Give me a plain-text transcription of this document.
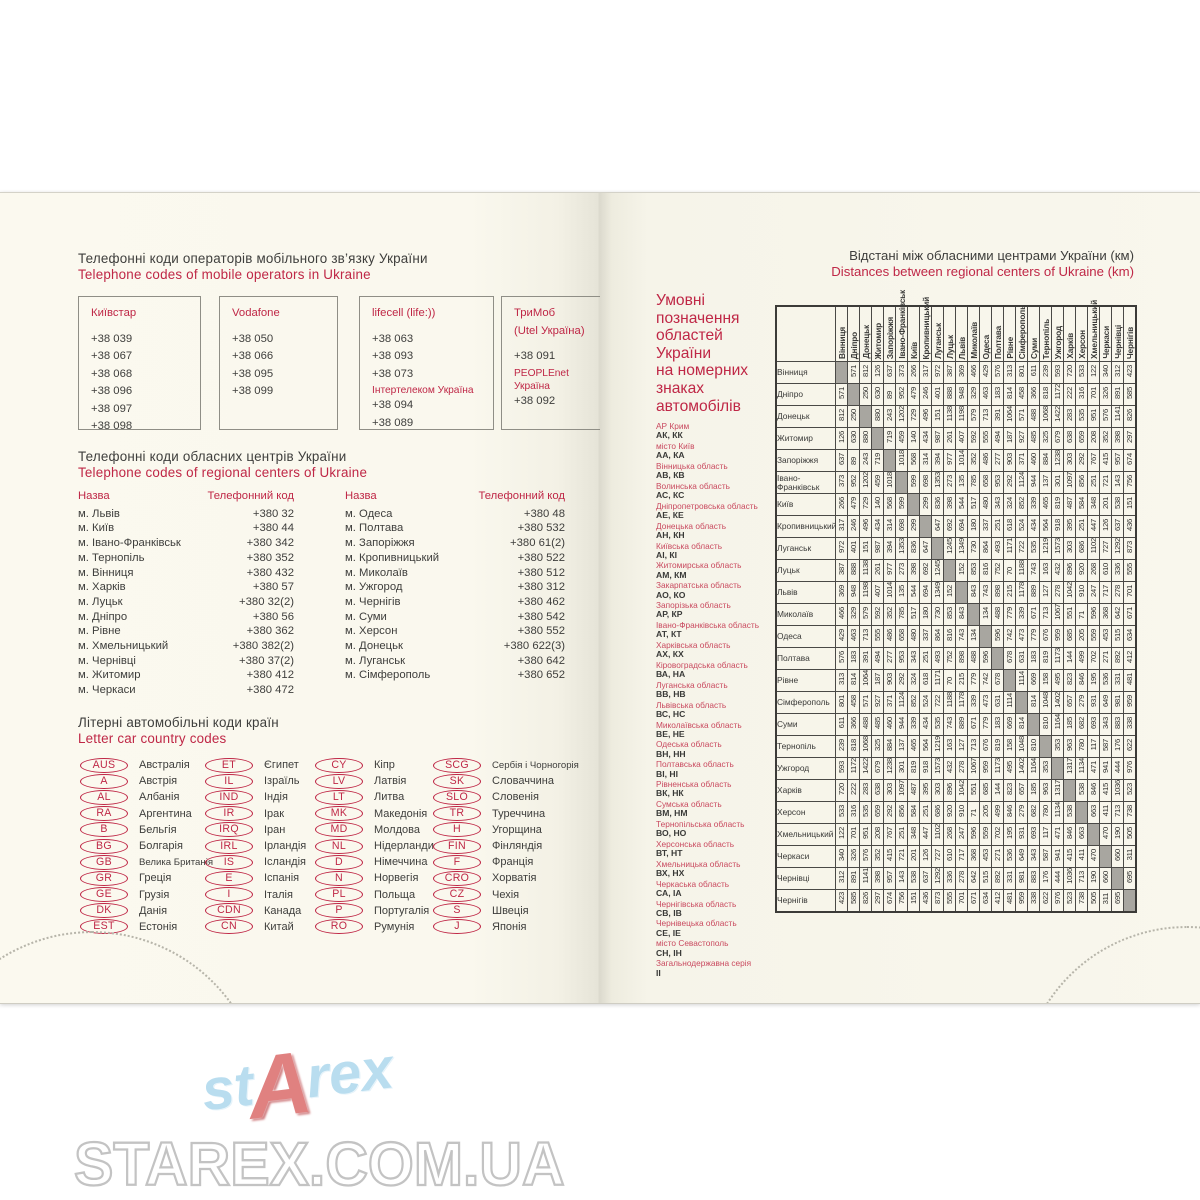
Телефонні коди операторів мобільного зв’язку України
Telephone codes of mobile operators in Ukraine
Київстар
+38 039
+38 067
+38 068
+38 096
+38 097
+38 098
Vodafone
+38 050
+38 066
+38 095
+38 099
lifecell (life:))
+38 063
+38 093
+38 073
Інтертелеком Україна
+38 094
+38 089
ТриМоб
(Utel Україна)
+38 091
PEOPLEnet Україна
+38 092
Телефонні коди обласних центрів України
Telephone codes of regional centers of Ukraine
Назва	Телефонний код
м. Львів	+380 32
м. Київ	+380 44
м. Івано-Франківськ	+380 342
м. Тернопіль	+380 352
м. Вінниця	+380 432
м. Харків	+380 57
м. Луцьк	+380 32(2)
м. Дніпро	+380 56
м. Рівне	+380 362
м. Хмельницький	+380 382(2)
м. Чернівці	+380 37(2)
м. Житомир	+380 412
м. Черкаси	+380 472
Назва	Телефонний код
м. Одеса	+380 48
м. Полтава	+380 532
м. Запоріжжя	+380 61(2)
м. Кропивницький	+380 522
м. Миколаїв	+380 512
м. Ужгород	+380 312
м. Чернігів	+380 462
м. Суми	+380 542
м. Херсон	+380 552
м. Донецьк	+380 622(3)
м. Луганськ	+380 642
м. Сімферополь	+380 652
Літерні автомобільні коди країн
Letter car country codes
AUS	Австралія
A	Австрія
AL	Албанія
RA	Аргентина
B	Бельгія
BG	Болгарія
GB	Велика Британія
GR	Греція
GE	Грузія
DK	Данія
EST	Естонія
ET	Єгипет
IL	Ізраїль
IND	Індія
IR	Ірак
IRQ	Іран
IRL	Ірландія
IS	Ісландія
E	Іспанія
I	Італія
CDN	Канада
CN	Китай
CY	Кіпр
LV	Латвія
LT	Литва
MK	Македонія
MD	Молдова
NL	Нідерланди
D	Німеччина
N	Норвегія
PL	Польща
P	Португалія
RO	Румунія
SCG	Сербія і Чорногорія
SK	Словаччина
SLO	Словенія
TR	Туреччина
H	Угорщина
FIN	Фінляндія
F	Франція
CRO	Хорватія
CZ	Чехія
S	Швеція
J	Японія
Відстані між обласними центрами України (км)
Distances between regional centers of Ukraine (km)
Умовні
позначення
областей
України
на номерних
знаках
автомобілів
АР Крим
АК, КК
місто Київ
АА, КА
Вінницька область
АВ, КВ
Волинська область
АС, КС
Дніпропетровська область
АЕ, КЕ
Донецька область
АН, КН
Київська область
АІ, КІ
Житомирська область
АМ, КМ
Закарпатська область
АО, КО
Запорізька область
АР, КР
Івано-Франківська область
АТ, КТ
Харківська область
АХ, КХ
Кіровоградська область
ВА, НА
Луганська область
ВВ, НВ
Львівська область
ВС, НС
Миколаївська область
ВЕ, НЕ
Одеська область
ВН, НН
Полтавська область
ВІ, НІ
Рівненська область
ВК, НК
Сумська область
ВМ, НМ
Тернопільська область
ВО, НО
Херсонська область
ВТ, НТ
Хмельницька область
ВХ, НХ
Черкаська область
СА, ІА
Чернігівська область
СВ, ІВ
Чернівецька область
СЕ, ІЕ
місто Севастополь
СН, ІН
Загальнодержавна серія
ІІ

	Вінниця	Дніпро	Донецьк	Житомир	Запоріжжя	Івано-Франківськ	Київ	Кропивницький	Луганськ	Луцьк	Львів	Миколаїв	Одеса	Полтава	Рівне	Сімферополь	Суми	Тернопіль	Ужгород	Харків	Херсон	Хмельницький	Черкаси	Чернівці	Чернігів

Вінниця		571	812	126	637	373	266	317	972	387	369	466	429	576	313	801	611	239	593	720	533	122	340	312	423
Дніпро	571		250	630	89	952	479	246	401	888	948	329	463	183	814	458	366	818	1172	222	316	701	326	891	585
Донецьк	812	250		880	243	1202	729	496	151	1138	1198	579	713	391	1064	571	488	1068	1422	283	535	951	576	1141	826
Житомир	126	630	880		719	459	140	434	987	261	407	592	555	494	187	927	485	325	679	638	659	208	352	398	297
Запоріжжя	637	89	243	719		1018	568	314	394	977	1014	352	486	277	903	371	460	884	1238	303	292	767	415	957	674
Івано-Франківськ	373	952	1202	459	1018		599	698	1353	273	135	785	658	953	292	1124	944	137	301	1097	856	251	721	143	756
Київ	266	479	729	140	568	599		299	836	398	544	517	480	343	324	852	339	465	819	487	584	348	201	538	151
Кропивницький	317	246	496	434	314	698	299		647	692	694	180	337	251	618	524	434	564	918	395	251	447	126	637	436
Луганськ	972	401	151	987	394	1353	836	647		1245	1349	730	864	493	1171	722	535	1219	1573	303	686	1102	727	1292	873
Луцьк	387	888	1138	261	977	273	398	692	1245		152	853	816	752	70	1188	743	163	432	896	920	268	610	336	555
Львів	369	948	1198	407	1014	135	544	694	1349	152		843	743	898	215	1178	889	127	278	1042	910	247	717	278	701
Миколаїв	466	329	579	592	352	785	517	180	730	853	843		134	488	779	339	671	713	1067	551	71	596	368	642	671
Одеса	429	463	713	555	486	658	480	337	864	816	743	134		596	742	473	779	676	959	685	205	559	453	515	634
Полтава	576	183	391	494	277	953	343	251	493	752	898	488	596		678	631	183	819	1173	144	499	702	271	892	412
Рівне	313	814	1064	187	903	292	324	618	1171	70	215	779	742	678		1114	669	158	495	823	846	195	536	331	481
Сімферополь	801	458	571	927	371	1124	852	524	722	1188	1178	339	473	631	1114		814	1048	1402	657	279	931	649	981	959
Суми	611	366	488	485	460	944	339	434	535	743	889	671	779	183	669	814		810	1164	185	682	693	343	883	338
Тернопіль	239	818	1068	325	884	137	465	564	1219	163	127	713	676	819	158	1048	810		353	963	780	117	587	176	622
Ужгород	593	1172	1422	679	1238	301	819	918	1573	432	278	1067	959	1173	495	1402	1164	353		1317	1134	471	941	444	976
Харків	720	222	283	638	303	1097	487	395	303	896	1042	551	685	144	823	657	185	963	1317		538	846	415	1036	523
Херсон	533	316	535	659	292	856	584	251	686	920	910	71	205	499	846	279	682	780	1134	538		663	411	713	738
Хмельницький	122	701	951	208	767	251	348	447	1102	268	247	596	559	702	195	931	693	117	471	846	663		470	190	505
Черкаси	340	326	576	352	415	721	201	126	727	610	717	368	453	271	536	649	343	587	941	415	411	470		660	311
Чернівці	312	891	1141	398	957	143	538	637	1292	336	278	642	515	892	331	981	883	176	444	1036	713	190	660		695
Чернігів	423	585	826	297	674	756	151	436	873	555	701	671	634	412	481	959	338	622	976	523	738	505	311	695	
stArex
STAREX.COM.UA
